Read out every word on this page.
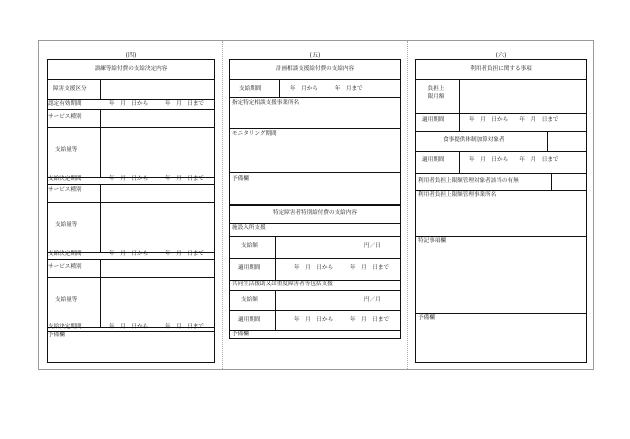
(四)
訓練等給付費の支給決定内容
障害支援区分
認定有効期間	年　月　日から　　　年　月　日まで
サービス種別
支給量等
支給決定期間	年　月　日から　　　年　月　日まで
サービス種別
支給量等
支給決定期間	年　月　日から　　　年　月　日まで
サービス種別
支給量等
支給決定期間	年　月　日から　　　年　月　日まで
予備欄
(五)
計画相談支援給付費の支給内容
支給期間	年　月から　　　年　月まで
指定特定相談支援事業所名
モニタリング期間
予備欄
特定障害者特別給付費の支給内容
施設入所支援
支給額	円／日
適用期間	年　月　日から　　　年　月　日まで
共同生活援助又は重度障害者等包括支援
支給額	円／月
適用期間	年　月　日から　　　年　月　日まで
予備欄
(六)
利用者負担に関する事項
負担上限月額
適用期間	年　月　日から　　年　月　日まで
食事提供体制加算対象者
適用期間	年　月　日から　　年　月　日まで
利用者負担上限額管理対象者該当の有無
利用者負担上限額管理事業所名
特記事項欄
予備欄
